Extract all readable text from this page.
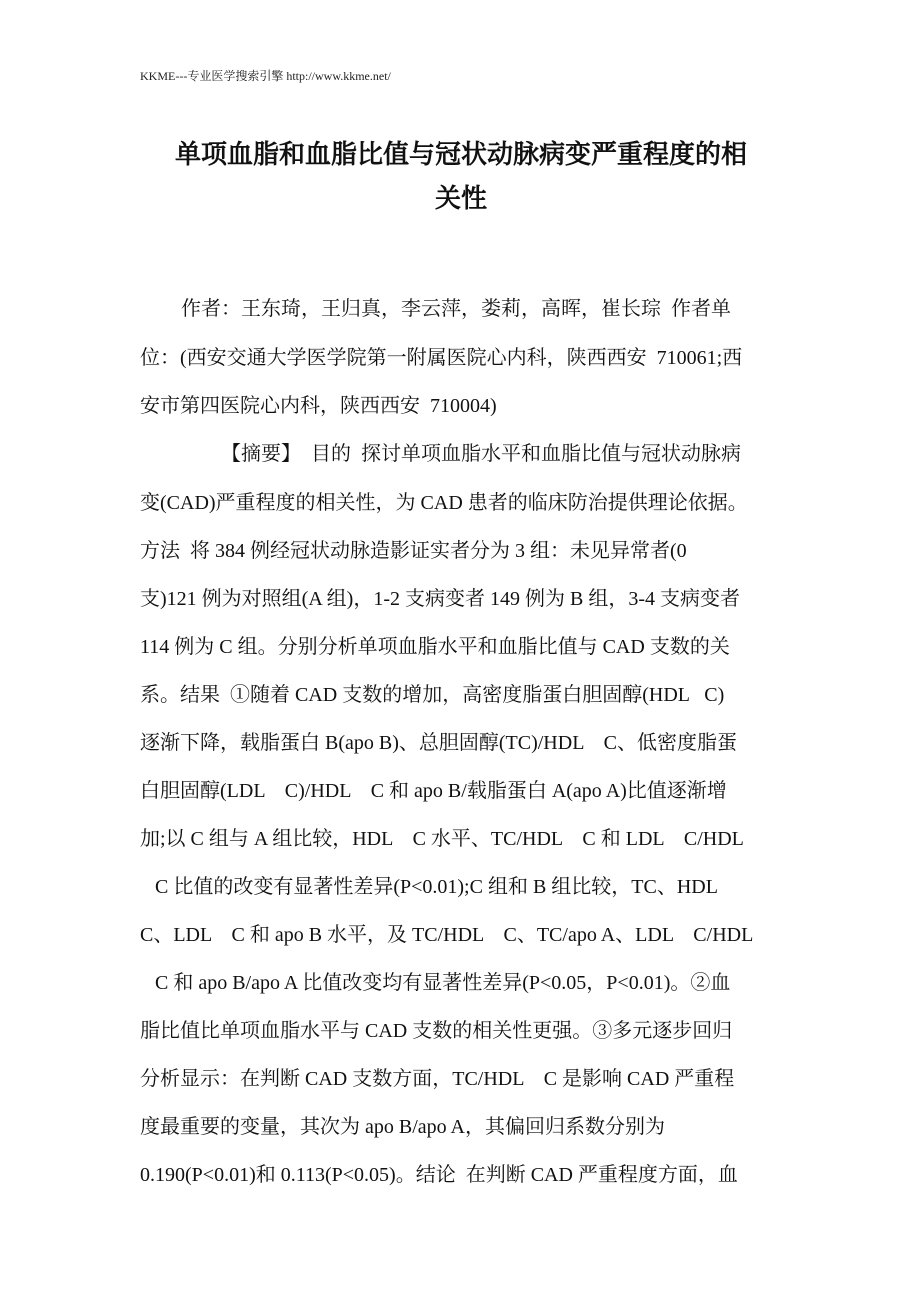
KKME---专业医学搜索引擎 http://www.kkme.net/
单项血脂和血脂比值与冠状动脉病变严重程度的相
关性
作者：王东琦，王归真，李云萍，娄莉，高晖，崔长琮  作者单
位：(西安交通大学医学院第一附属医院心内科，陕西西安  710061;西
安市第四医院心内科，陕西西安  710004)
【摘要】  目的  探讨单项血脂水平和血脂比值与冠状动脉病
变(CAD)严重程度的相关性，为 CAD 患者的临床防治提供理论依据。
方法  将 384 例经冠状动脉造影证实者分为 3 组：未见异常者(0
支)121 例为对照组(A 组)，1-2 支病变者 149 例为 B 组，3-4 支病变者
114 例为 C 组。分别分析单项血脂水平和血脂比值与 CAD 支数的关
系。结果  ①随着 CAD 支数的增加，高密度脂蛋白胆固醇(HDL   C)
逐渐下降，载脂蛋白 B(apo B)、总胆固醇(TC)/HDL    C、低密度脂蛋
白胆固醇(LDL    C)/HDL    C 和 apo B/载脂蛋白 A(apo A)比值逐渐增
加;以 C 组与 A 组比较，HDL    C 水平、TC/HDL    C 和 LDL    C/HDL
C 比值的改变有显著性差异(P<0.01);C 组和 B 组比较，TC、HDL
C、LDL    C 和 apo B 水平，及 TC/HDL    C、TC/apo A、LDL    C/HDL
C 和 apo B/apo A 比值改变均有显著性差异(P<0.05，P<0.01)。②血
脂比值比单项血脂水平与 CAD 支数的相关性更强。③多元逐步回归
分析显示：在判断 CAD 支数方面，TC/HDL    C 是影响 CAD 严重程
度最重要的变量，其次为 apo B/apo A，其偏回归系数分别为
0.190(P<0.01)和 0.113(P<0.05)。结论  在判断 CAD 严重程度方面，血
